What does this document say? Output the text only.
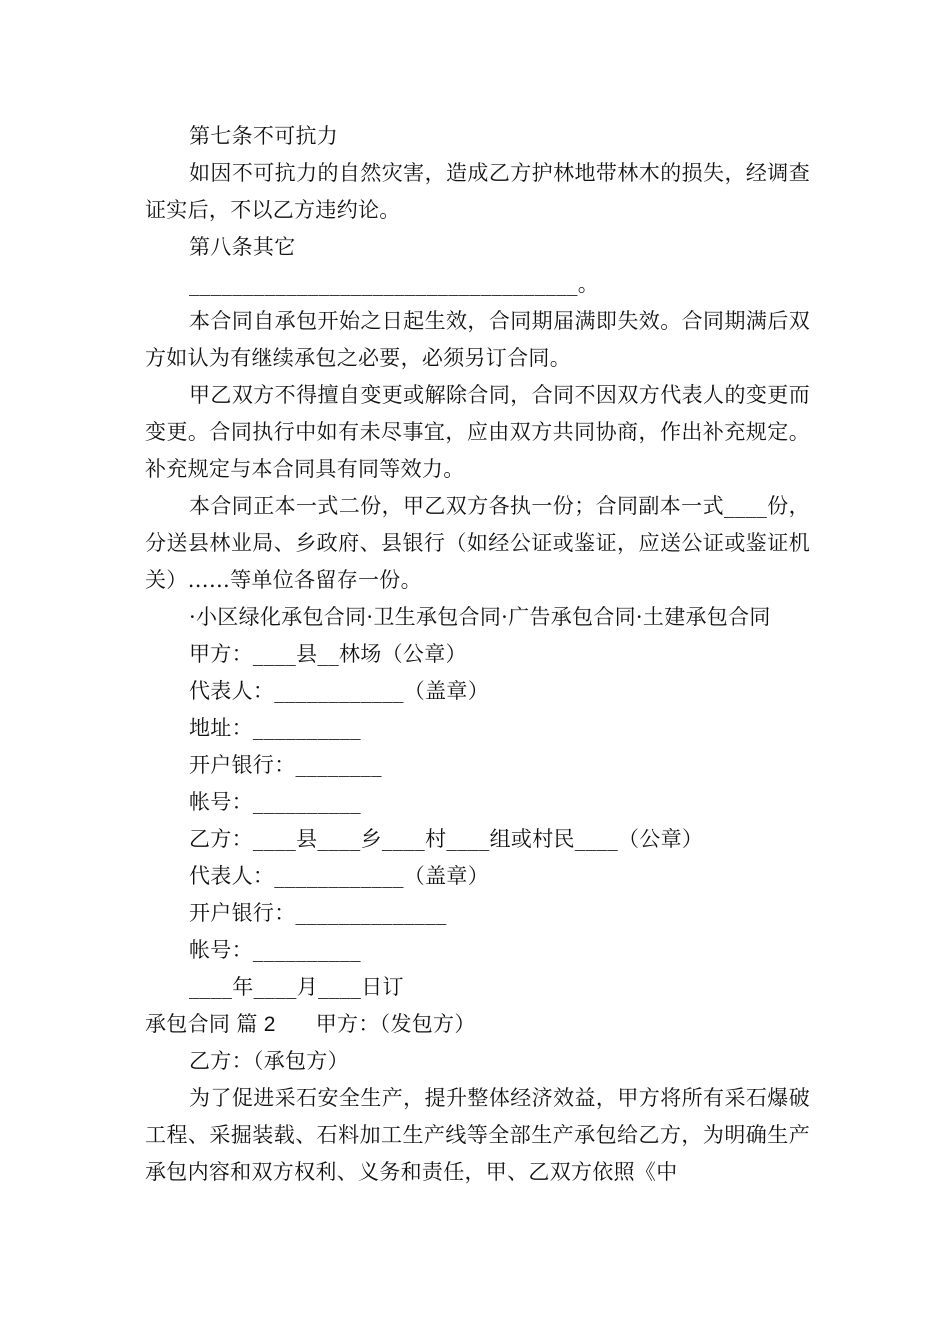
第七条不可抗力

如因不可抗力的自然灾害，造成乙方护林地带林木的损失，经调查证实后，不以乙方违约论。

第八条其它

____________________________________。

本合同自承包开始之日起生效，合同期届满即失效。合同期满后双方如认为有继续承包之必要，必须另订合同。

甲乙双方不得擅自变更或解除合同，合同不因双方代表人的变更而变更。合同执行中如有未尽事宜，应由双方共同协商，作出补充规定。补充规定与本合同具有同等效力。

本合同正本一式二份，甲乙双方各执一份；合同副本一式____份，分送县林业局、乡政府、县银行（如经公证或鉴证，应送公证或鉴证机关）……等单位各留存一份。

·小区绿化承包合同·卫生承包合同·广告承包合同·土建承包合同

甲方：____县__林场（公章）

代表人：____________（盖章）

地址：__________

开户银行：________

帐号：__________

乙方：____县____乡____村____组或村民____（公章）

代表人：____________（盖章）

开户银行：______________

帐号：__________

____年____月____日订

承包合同 篇 2 甲方：（发包方）

乙方：（承包方）

为了促进采石安全生产，提升整体经济效益，甲方将所有采石爆破工程、采掘装载、石料加工生产线等全部生产承包给乙方，为明确生产承包内容和双方权利、义务和责任，甲、乙双方依照《中
